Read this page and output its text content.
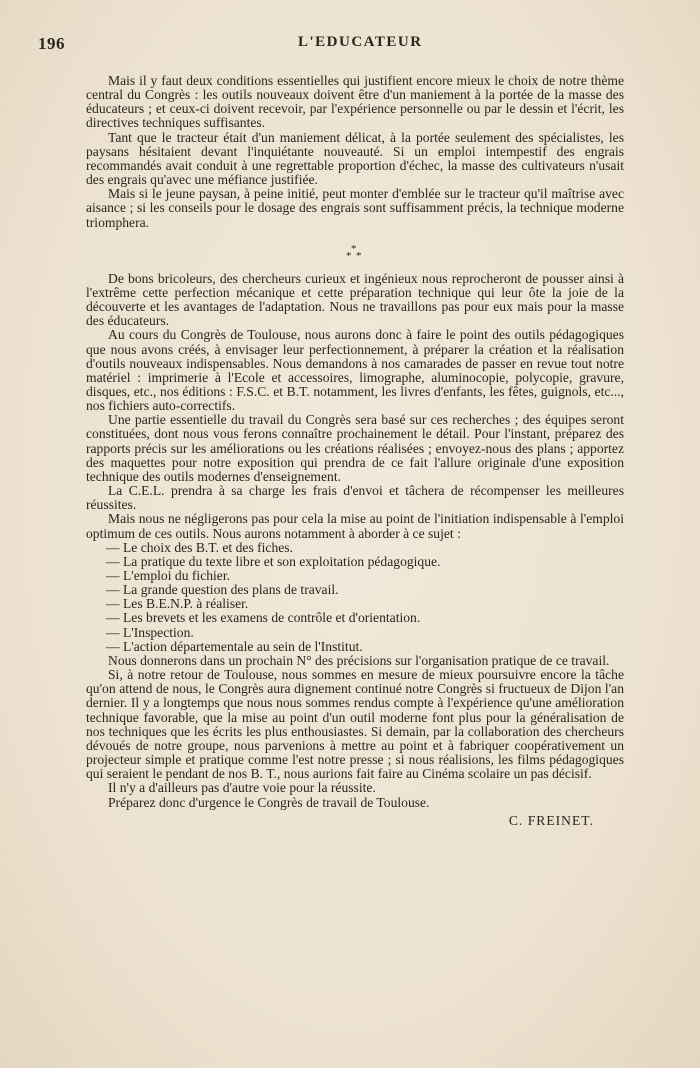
196	L'EDUCATEUR

Mais il y faut deux conditions essentielles qui justifient encore mieux le choix de notre thème central du Congrès : les outils nouveaux doivent être d'un maniement à la portée de la masse des éducateurs ; et ceux-ci doivent recevoir, par l'expérience personnelle ou par le dessin et l'écrit, les directives techniques suffisantes.

Tant que le tracteur était d'un maniement délicat, à la portée seulement des spécialistes, les paysans hésitaient devant l'inquiétante nouveauté. Si un emploi intempestif des engrais recommandés avait conduit à une regrettable proportion d'échec, la masse des cultivateurs n'usait des engrais qu'avec une méfiance justifiée.

Mais si le jeune paysan, à peine initié, peut monter d'emblée sur le tracteur qu'il maîtrise avec aisance ; si les conseils pour le dosage des engrais sont suffisamment précis, la technique moderne triomphera.

*
* *

De bons bricoleurs, des chercheurs curieux et ingénieux nous reprocheront de pousser ainsi à l'extrême cette perfection mécanique et cette préparation technique qui leur ôte la joie de la découverte et les avantages de l'adaptation. Nous ne travaillons pas pour eux mais pour la masse des éducateurs.

Au cours du Congrès de Toulouse, nous aurons donc à faire le point des outils pédagogiques que nous avons créés, à envisager leur perfectionnement, à préparer la création et la réalisation d'outils nouveaux indispensables. Nous demandons à nos camarades de passer en revue tout notre matériel : imprimerie à l'Ecole et accessoires, limographe, aluminocopie, polycopie, gravure, disques, etc., nos éditions : F.S.C. et B.T. notamment, les livres d'enfants, les fêtes, guignols, etc..., nos fichiers auto-correctifs.

Une partie essentielle du travail du Congrès sera basé sur ces recherches ; des équipes seront constituées, dont nous vous ferons connaître prochainement le détail. Pour l'instant, préparez des rapports précis sur les améliorations ou les créations réalisées ; envoyez-nous des plans ; apportez des maquettes pour notre exposition qui prendra de ce fait l'allure originale d'une exposition technique des outils modernes d'enseignement.

La C.E.L. prendra à sa charge les frais d'envoi et tâchera de récompenser les meilleures réussites.

Mais nous ne négligerons pas pour cela la mise au point de l'initiation indispensable à l'emploi optimum de ces outils. Nous aurons notamment à aborder à ce sujet :

— Le choix des B.T. et des fiches.
— La pratique du texte libre et son exploitation pédagogique.
— L'emploi du fichier.
— La grande question des plans de travail.
— Les B.E.N.P. à réaliser.
— Les brevets et les examens de contrôle et d'orientation.
— L'Inspection.
— L'action départementale au sein de l'Institut.

Nous donnerons dans un prochain N° des précisions sur l'organisation pratique de ce travail.

Si, à notre retour de Toulouse, nous sommes en mesure de mieux poursuivre encore la tâche qu'on attend de nous, le Congrès aura dignement continué notre Congrès si fructueux de Dijon l'an dernier. Il y a longtemps que nous nous sommes rendus compte à l'expérience qu'une amélioration technique favorable, que la mise au point d'un outil moderne font plus pour la généralisation de nos techniques que les écrits les plus enthousiastes. Si demain, par la collaboration des chercheurs dévoués de notre groupe, nous parvenions à mettre au point et à fabriquer coopérativement un projecteur simple et pratique comme l'est notre presse ; si nous réalisions, les films pédagogiques qui seraient le pendant de nos B. T., nous aurions fait faire au Cinéma scolaire un pas décisif.

Il n'y a d'ailleurs pas d'autre voie pour la réussite.

Préparez donc d'urgence le Congrès de travail de Toulouse.

C. FREINET.
